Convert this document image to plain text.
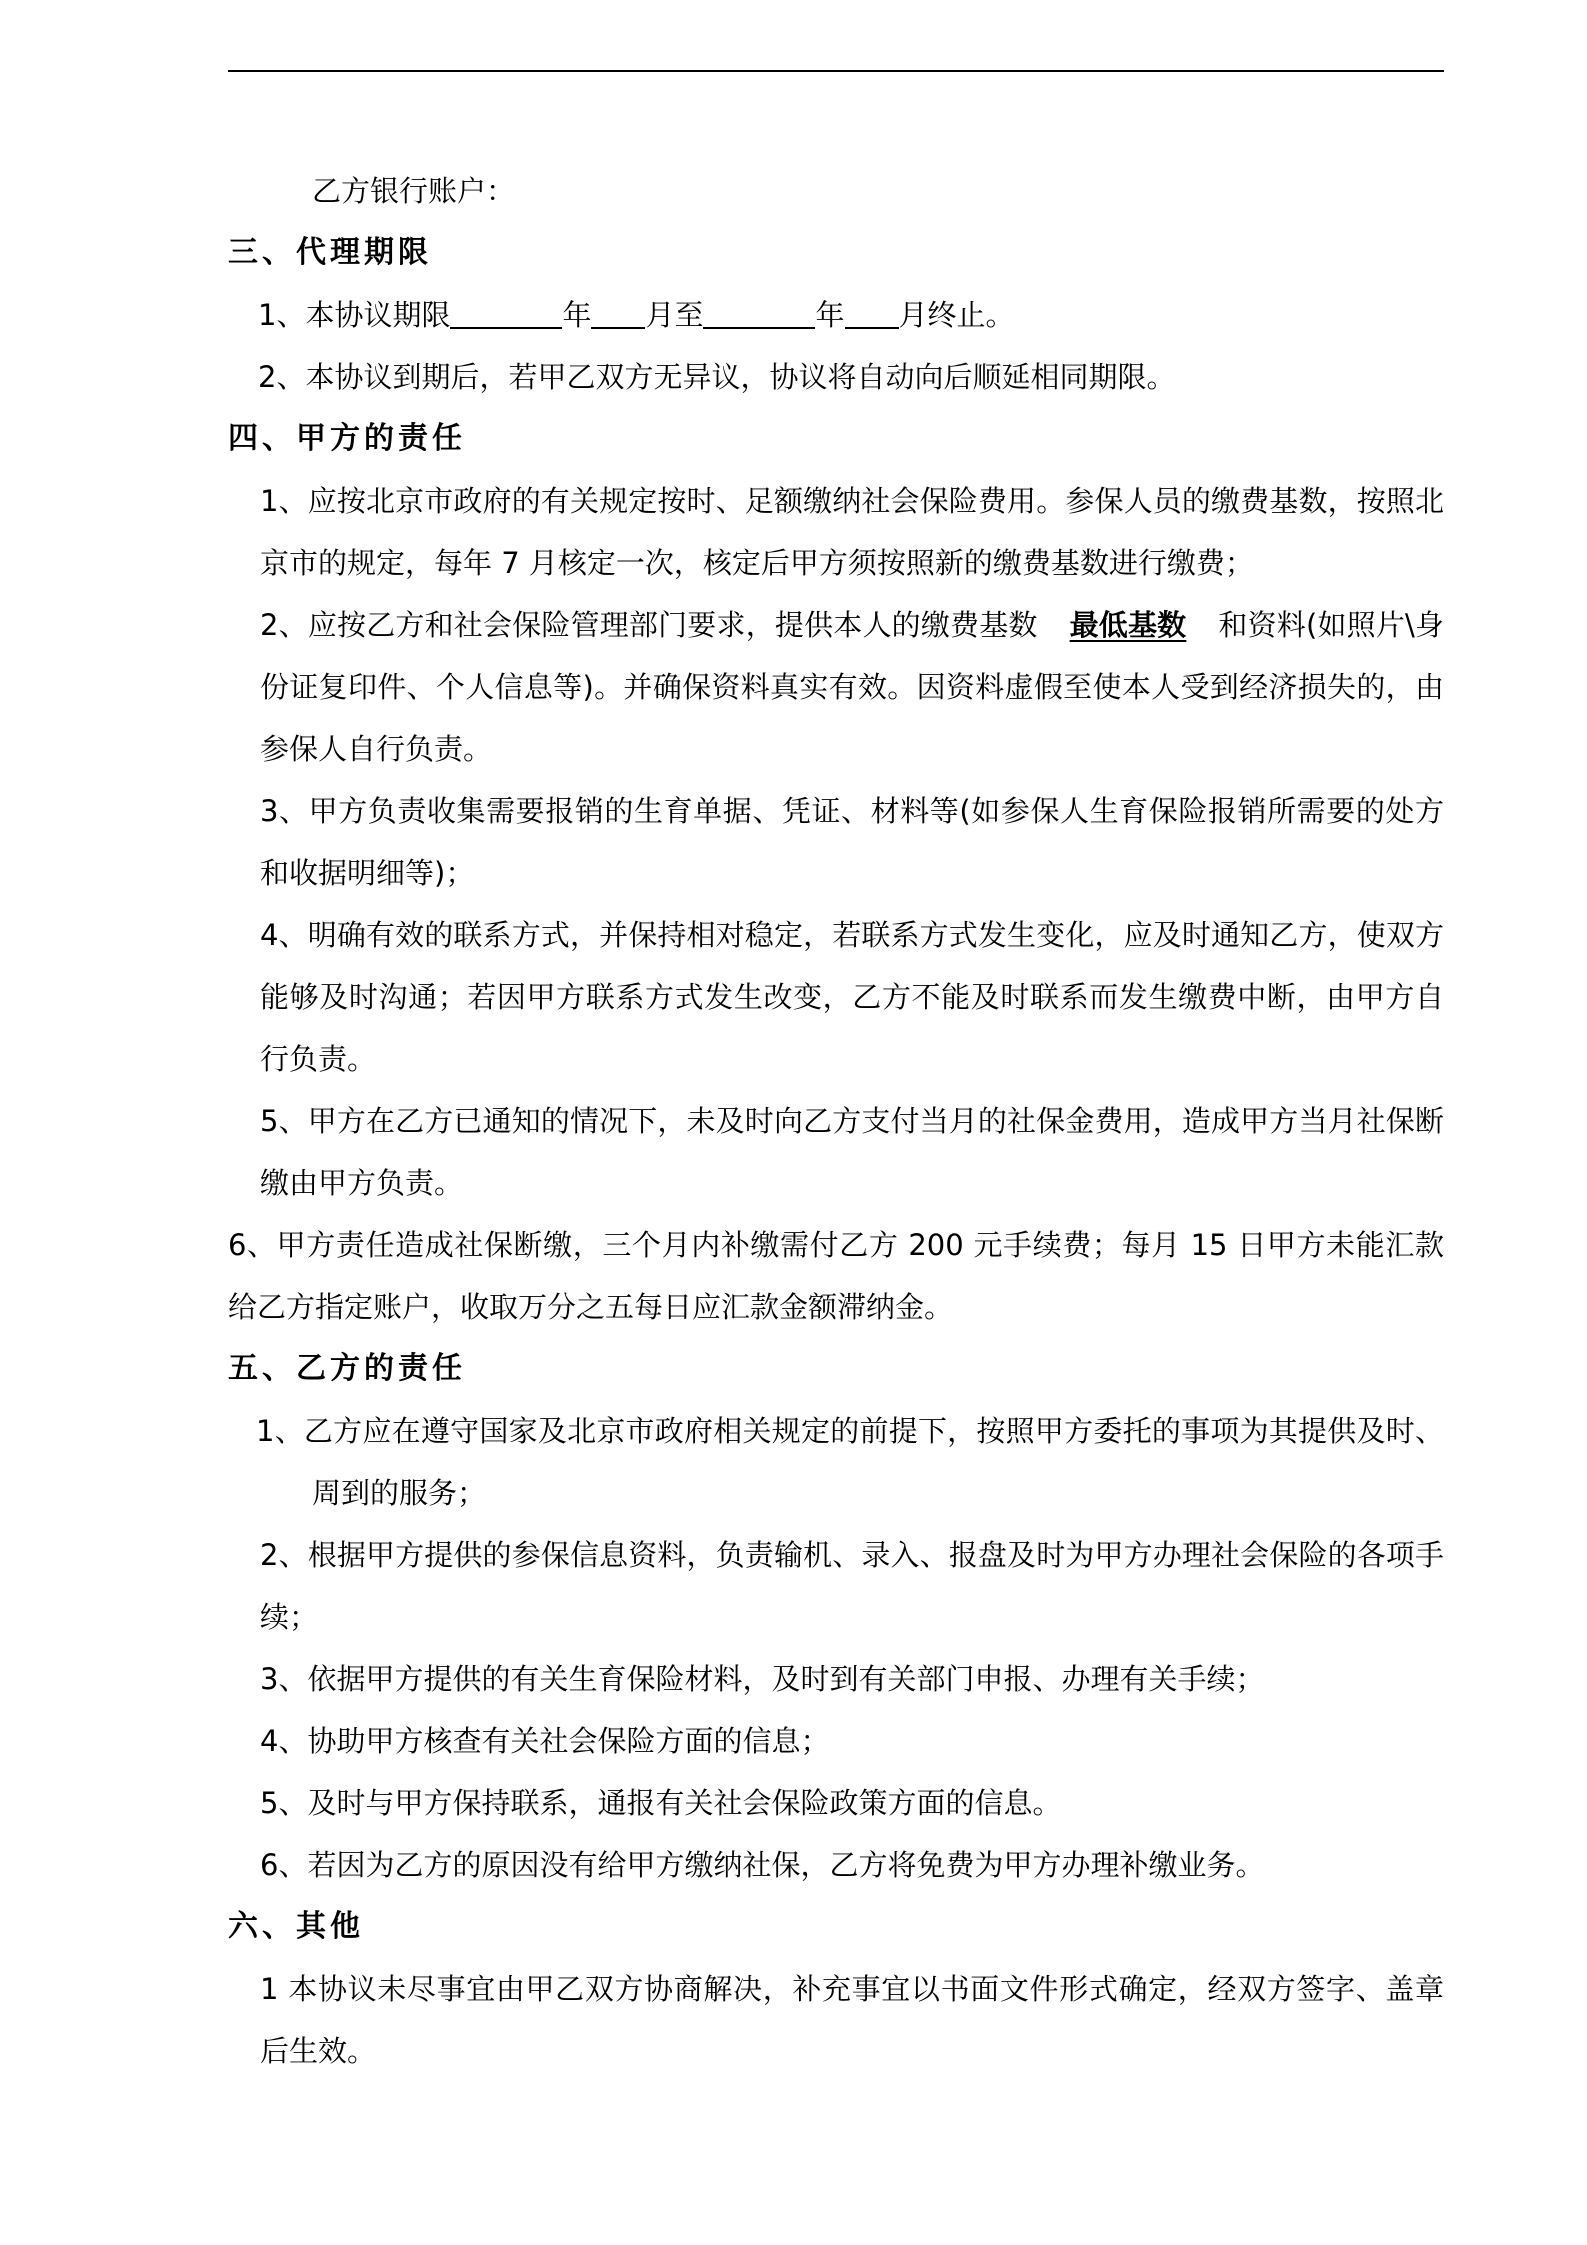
乙方银行账户：
三、代理期限
1、本协议期限	年 月至	年 月终止。
2、本协议到期后，若甲乙双方无异议，协议将自动向后顺延相同期限。
四、甲方的责任
1、应按北京市政府的有关规定按时、足额缴纳社会保险费用。参保人员的缴费基数，按照北京市的规定，每年 7 月核定一次，核定后甲方须按照新的缴费基数进行缴费；
2、应按乙方和社会保险管理部门要求，提供本人的缴费基数 最低基数 和资料(如照片\身份证复印件、个人信息等)。并确保资料真实有效。因资料虚假至使本人受到经济损失的，由参保人自行负责。
3、甲方负责收集需要报销的生育单据、凭证、材料等(如参保人生育保险报销所需要的处方和收据明细等)；
4、明确有效的联系方式，并保持相对稳定，若联系方式发生变化，应及时通知乙方，使双方能够及时沟通；若因甲方联系方式发生改变，乙方不能及时联系而发生缴费中断，由甲方自行负责。
5、甲方在乙方已通知的情况下，未及时向乙方支付当月的社保金费用，造成甲方当月社保断缴由甲方负责。
6、甲方责任造成社保断缴，三个月内补缴需付乙方 200 元手续费；每月 15 日甲方未能汇款给乙方指定账户，收取万分之五每日应汇款金额滞纳金。
五、乙方的责任
1、乙方应在遵守国家及北京市政府相关规定的前提下，按照甲方委托的事项为其提供及时、周到的服务；
2、根据甲方提供的参保信息资料，负责输机、录入、报盘及时为甲方办理社会保险的各项手续；
3、依据甲方提供的有关生育保险材料，及时到有关部门申报、办理有关手续；
4、协助甲方核查有关社会保险方面的信息；
5、及时与甲方保持联系，通报有关社会保险政策方面的信息。
6、若因为乙方的原因没有给甲方缴纳社保，乙方将免费为甲方办理补缴业务。
六、其他
1 本协议未尽事宜由甲乙双方协商解决，补充事宜以书面文件形式确定，经双方签字、盖章后生效。
